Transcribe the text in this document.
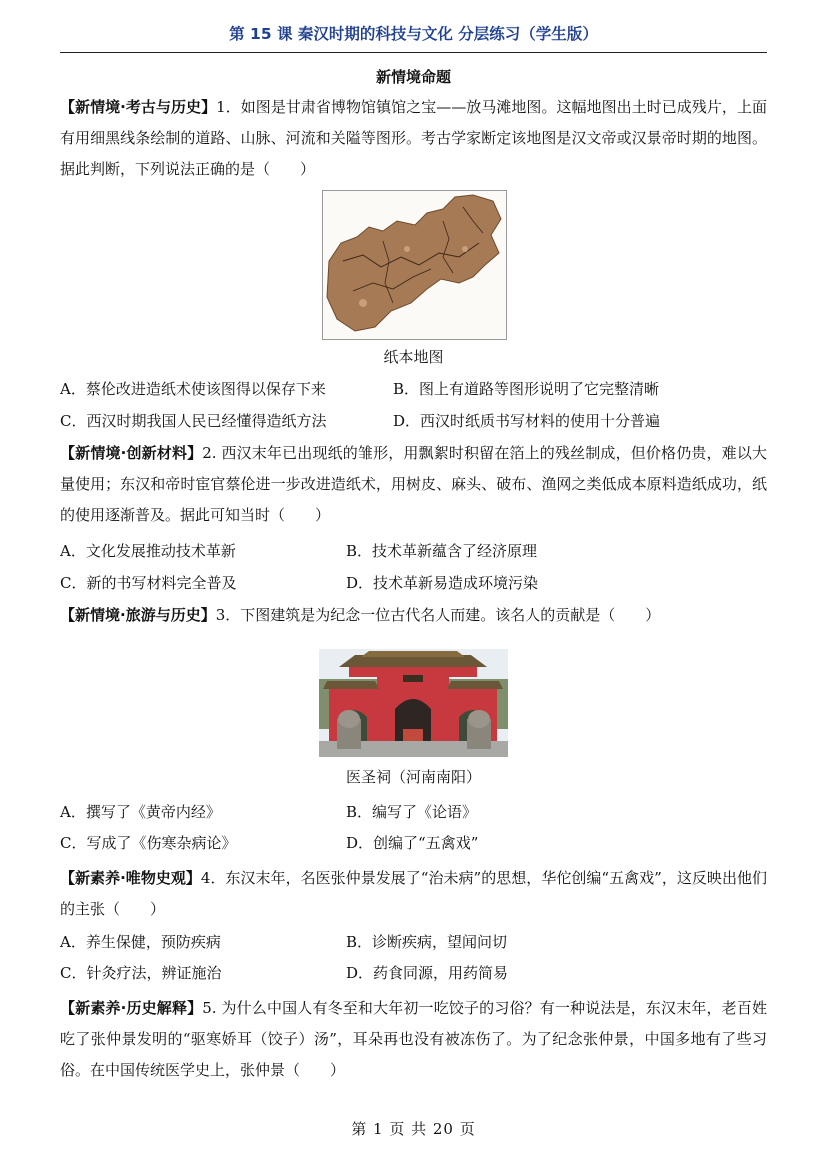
第 15 课 秦汉时期的科技与文化 分层练习（学生版）
新情境命题
【新情境·考古与历史】1．如图是甘肃省博物馆镇馆之宝——放马滩地图。这幅地图出土时已成残片，上面有用细黑线条绘制的道路、山脉、河流和关隘等图形。考古学家断定该地图是汉文帝或汉景帝时期的地图。据此判断，下列说法正确的是（　　）
纸本地图
A．蔡伦改进造纸术使该图得以保存下来	B．图上有道路等图形说明了它完整清晰
C．西汉时期我国人民已经懂得造纸方法	D．西汉时纸质书写材料的使用十分普遍
【新情境·创新材料】2. 西汉末年已出现纸的雏形，用飘絮时积留在箔上的残丝制成，但价格仍贵，难以大量使用；东汉和帝时宦官蔡伦进一步改进造纸术，用树皮、麻头、破布、渔网之类低成本原料造纸成功，纸的使用逐渐普及。据此可知当时（　　）
A．文化发展推动技术革新	B．技术革新蕴含了经济原理
C．新的书写材料完全普及	D．技术革新易造成环境污染
【新情境·旅游与历史】3．下图建筑是为纪念一位古代名人而建。该名人的贡献是（　　）
医圣祠（河南南阳）
A．撰写了《黄帝内经》	B．编写了《论语》
C．写成了《伤寒杂病论》	D．创编了“五禽戏”
【新素养·唯物史观】4．东汉末年，名医张仲景发展了“治未病”的思想，华佗创编“五禽戏”，这反映出他们的主张（　　）
A．养生保健，预防疾病	B．诊断疾病，望闻问切
C．针灸疗法，辨证施治	D．药食同源，用药简易
【新素养·历史解释】5. 为什么中国人有冬至和大年初一吃饺子的习俗？有一种说法是，东汉末年，老百姓吃了张仲景发明的“驱寒娇耳（饺子）汤”，耳朵再也没有被冻伤了。为了纪念张仲景，中国多地有了些习俗。在中国传统医学史上，张仲景（　　）
第 1 页 共 20 页
